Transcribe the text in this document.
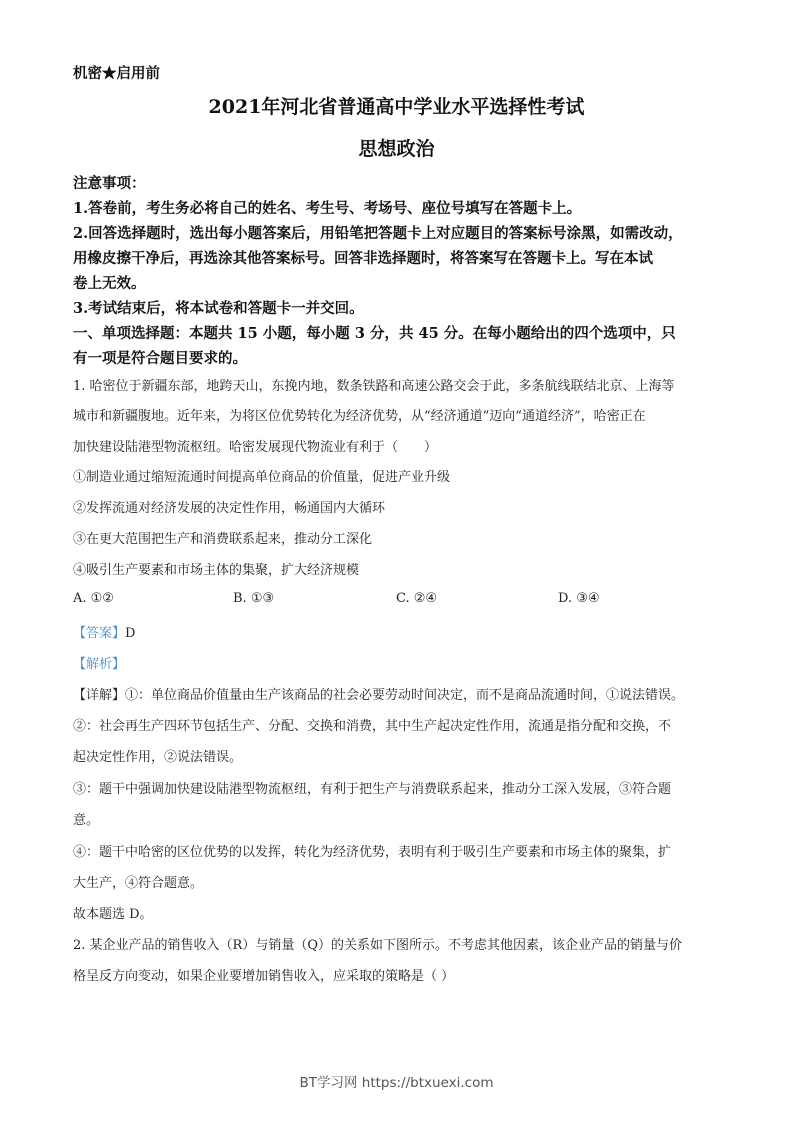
机密★启用前
2021年河北省普通高中学业水平选择性考试
思想政治
注意事项：
1.答卷前，考生务必将自己的姓名、考生号、考场号、座位号填写在答题卡上。
2.回答选择题时，选出每小题答案后，用铅笔把答题卡上对应题目的答案标号涂黑，如需改动，
用橡皮擦干净后，再选涂其他答案标号。回答非选择题时，将答案写在答题卡上。写在本试
卷上无效。
3.考试结束后，将本试卷和答题卡一并交回。
一、单项选择题：本题共 15 小题，每小题 3 分，共 45 分。在每小题给出的四个选项中，只
有一项是符合题目要求的。
1. 哈密位于新疆东部，地跨天山，东挽内地，数条铁路和高速公路交会于此，多条航线联结北京、上海等
城市和新疆腹地。近年来，为将区位优势转化为经济优势，从“经济通道”迈向“通道经济”，哈密正在
加快建设陆港型物流枢纽。哈密发展现代物流业有利于（　　）
①制造业通过缩短流通时间提高单位商品的价值量，促进产业升级
②发挥流通对经济发展的决定性作用，畅通国内大循环
③在更大范围把生产和消费联系起来，推动分工深化
④吸引生产要素和市场主体的集聚，扩大经济规模
A. ①②	B. ①③	C. ②④	D. ③④
【答案】D
【解析】
【详解】①：单位商品价值量由生产该商品的社会必要劳动时间决定，而不是商品流通时间，①说法错误。
②：社会再生产四环节包括生产、分配、交换和消费，其中生产起决定性作用，流通是指分配和交换，不
起决定性作用，②说法错误。
③：题干中强调加快建设陆港型物流枢纽，有利于把生产与消费联系起来，推动分工深入发展，③符合题
意。
④：题干中哈密的区位优势的以发挥，转化为经济优势，表明有利于吸引生产要素和市场主体的聚集，扩
大生产，④符合题意。
故本题选 D。
2. 某企业产品的销售收入（R）与销量（Q）的关系如下图所示。不考虑其他因素，该企业产品的销量与价
格呈反方向变动，如果企业要增加销售收入，应采取的策略是（ ）
BT学习网 https://btxuexi.com
